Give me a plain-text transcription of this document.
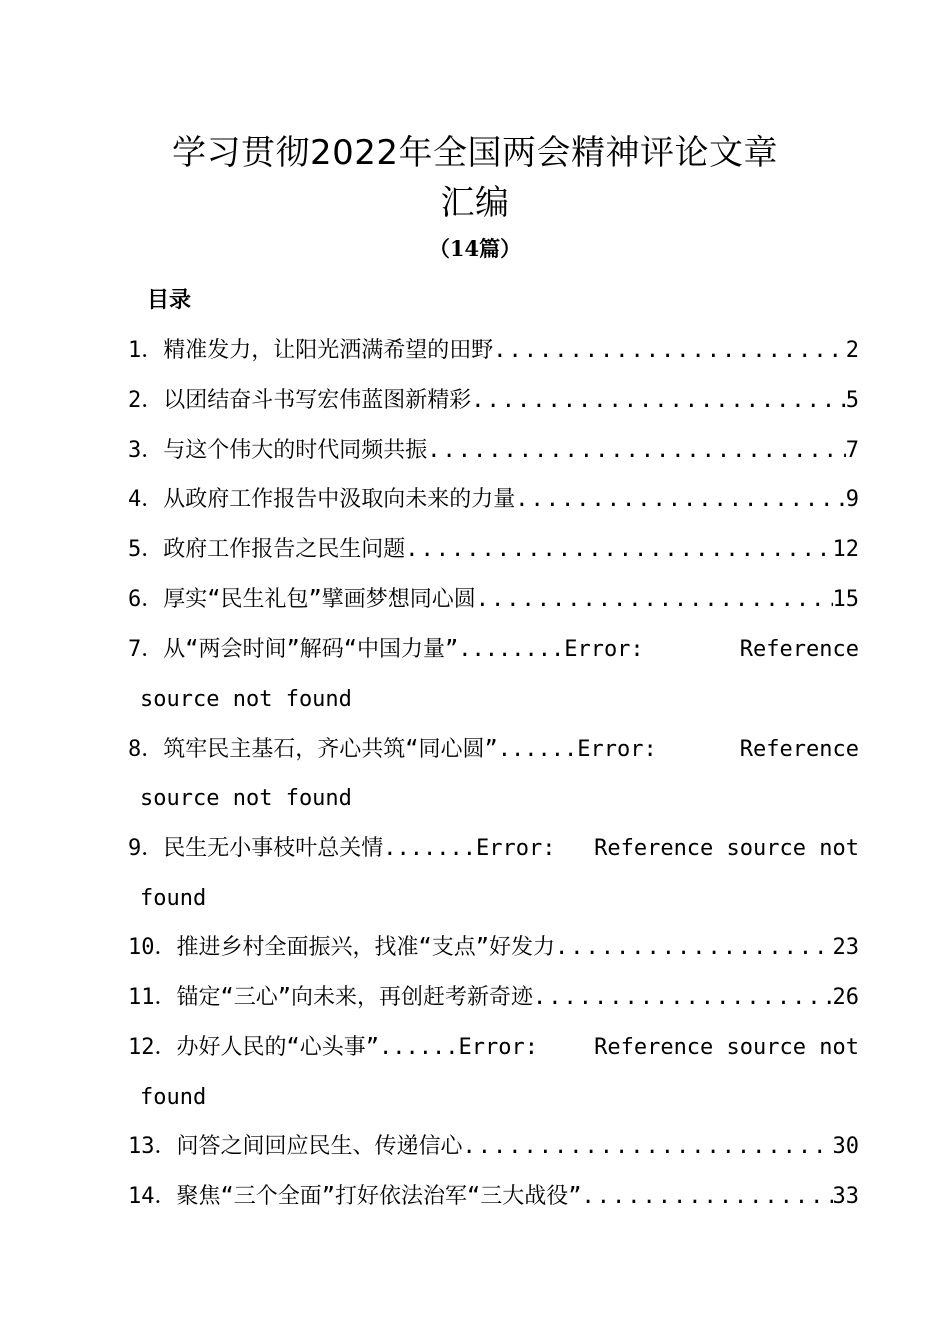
学习贯彻2022年全国两会精神评论文章
汇编
（14篇）
目录
1．精准发力，让阳光洒满希望的田野 .....	2
2．以团结奋斗书写宏伟蓝图新精彩 .....	5
3．与这个伟大的时代同频共振 .....	7
4．从政府工作报告中汲取向未来的力量 .....	9
5．政府工作报告之民生问题 .....	12
6．厚实“民生礼包”擘画梦想同心圆 .....	15
7．从“两会时间”解码“中国力量”........Error:	Reference
source not found
8．筑牢民主基石，齐心共筑“同心圆”......Error:	Reference
source not found
9．民生无小事枝叶总关情.......Error: Reference source not
found
10．推进乡村全面振兴，找准“支点”好发力 .....	23
11．锚定“三心”向未来，再创赶考新奇迹 .....	26
12．办好人民的“心头事”......Error:	Reference source not
found
13．问答之间回应民生、传递信心 .....	30
14．聚焦“三个全面”打好依法治军“三大战役” .....	33
